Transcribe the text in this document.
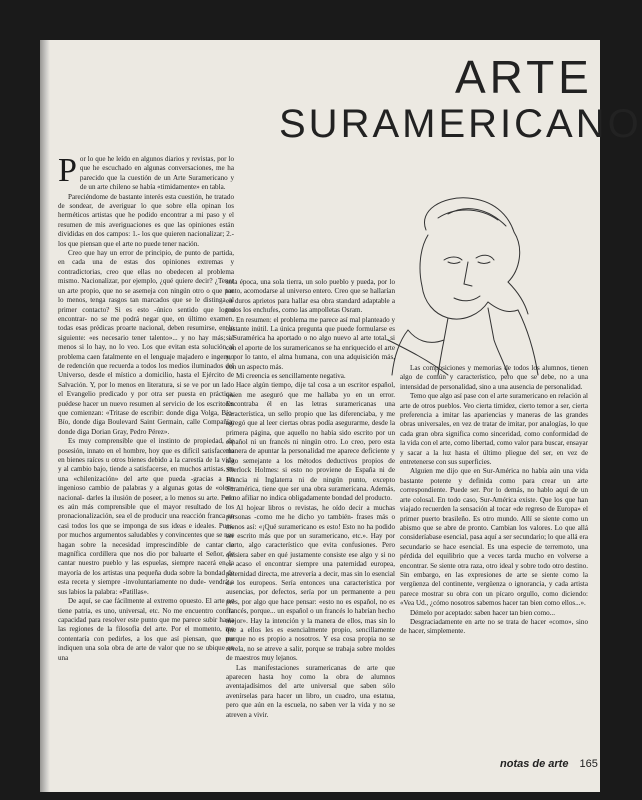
ARTE
SURAMERICANO

Por lo que he leído en algunos diarios y revistas, por lo que he escuchado en algunas conversaciones, me ha parecido que la cuestión de un Arte Suramericano y de un arte chileno se había «timidamente» en tabla.

Pareciéndome de bastante interés esta cuestión, he tratado de sondear, de averiguar lo que sobre ella opinan los herméticos artistas que he podido encontrar a mi paso y el resumen de mis averiguaciones es que las opiniones están divididas en dos campos: 1.- los que quieren nacionalizar; 2.- los que piensan que el arte no puede tener nación.

Creo que hay un error de principio, de punto de partida, en cada una de estas dos opiniones extremas y contradictorias, creo que ellas no obedecen al problema mismo. Nacionalizar, por ejemplo, ¿qué quiere decir? ¿Tener un arte propio, que no se asemeja con ningún otro o que por lo menos, tenga rasgos tan marcados que se le distinga al primer contacto? Si es esto -único sentido que logro encontrar- no se me podrá negar que, en último examen, todas esas prédicas proarte nacional, deben resumirse, en lo siguiente: «es necesario tener talento»... y no hay más; al menos si lo hay, no lo veo. Los que evitan esta solución al problema caen fatalmente en el lenguaje majadero e ingenuo de redención que recuerda a todos los medios iluminados del Universo, desde el místico a domicilio, hasta el Ejército de Salvación. Y, por lo menos en literatura, si se ve por un lado el Evangelio predicado y por otra ser puesta en práctica, puédese hacer un nuevo resumen al servicio de los escritores que comienzan: «Tritase de escribir: donde diga Volga, Bío-Bío, donde diga Boulevard Saint Germain, calle Compañía; donde diga Dorian Gray, Pedro Pérez».

Es muy comprensible que el instinto de propiedad, de posesión, innato en el hombre, hoy que es difícil satisfacerlo en bienes raíces u otros bienes debido a la carestía de la vida y al cambio bajo, tiende a satisfacerse, en muchos artistas, en una «chilenización» del arte que pueda -gracias a un ingenioso cambio de palabras y a algunas gotas de «olor» nacional- darles la ilusión de poseer, a lo menos su arte. Pero es aún más comprensible que el mayor resultado de los pronacionalización, sea el de producir una reacción franca en casi todos los que se imponga de sus ideas e ideales. Pues, por muchos argumentos saludables y convincentes que se nos hagan sobre la necesidad imprescindible de cantar la magnífica cordillera que nos dio por baluarte el Señor, de cantar nuestro pueblo y las espuelas, siempre nacerá en la mayoría de los artistas una pequeña duda sobre la bondad de esta receta y siempre -involuntariamente no dude- vendrá a sus labios la palabra: «Patillas».

De aquí, se cae fácilmente al extremo opuesto. El arte no tiene patria, es uno, universal, etc. No me encuentro con la capacidad para resolver este punto que me parece subir hasta las regiones de la filosofía del arte. Por el momento, me contentaría con pedirles, a los que así piensan, que me indiquen una sola obra de arte de valor que no se ubique en una

sola época, una sola tierra, un solo pueblo y pueda, por lo tanto, acomodarse al universo entero. Creo que se hallarían en duros aprietos para hallar esa obra standard adaptable a todos los enchufes, como las ampolletas Osram.

En resumen: el problema me parece así mal planteado y bastante inútil. La única pregunta que puede formularse es si Suramérica ha aportado o no algo nuevo al arte total, si con el aporte de los suramericanos se ha enriquecido el arte y, por lo tanto, el alma humana, con una adquisición más, con un aspecto más.

Mi creencia es sencillamente negativa.

Hace algún tiempo, dije tal cosa a un escritor español, quien me aseguró que me hallaba yo en un error. Encontraba él en las letras suramericanas una característica, un sello propio que las diferenciaba, y me agregó que al leer ciertas obras podía asegurarme, desde la primera página, que aquello no había sido escrito por un español ni un francés ni ningún otro. Lo creo, pero esta manera de apuntar la personalidad me aparece deficiente y algo semejante a los métodos deductivos propios de Sherlock Holmes: si esto no proviene de España ni de Francia ni Inglaterra ni de ningún punto, excepto Suramérica, tiene que ser una obra suramericana. Además, el no afiliar no indica obligadamente bondad del producto.

Al hojear libros o revistas, he oído decir a muchas personas -como me he dicho yo también- frases más o menos así: «¡Qué suramericano es esto! Esto no ha podido ser escrito más que por un suramericano, etc.». Hay por cierto, algo característico que evita confusiones. Pero quisiera saber en qué justamente consiste ese algo y si no es acaso el encontrar siempre una paternidad europea, paternidad directa, me atrevería a decir, mas sin lo esencial de los europeos. Sería entonces una característica por ausencias, por defectos, sería por un permanente a peu près, por algo que hace pensar: «esto no es español, no es francés, porque... un español o un francés lo habrían hecho mejor». Hay la intención y la manera de ellos, mas sin lo que a ellos les es esencialmente propio, sencillamente porque no es propio a nosotros. Y esa cosa propia no se revela, no se atreve a salir, porque se trabaja sobre moldes de maestros muy lejanos.

Las manifestaciones suramericanas de arte que aparecen hasta hoy como la obra de alumnos aventajadísimos del arte universal que saben sólo avenírselas para hacer un libro, un cuadro, una estatua, pero que aún en la escuela, no saben ver la vida y no se atreven a vivir.

Las composiciones y memorias de todos los alumnos, tienen algo de común y característico, pero que se debe, no a una intensidad de personalidad, sino a una ausencia de personalidad.

Temo que algo así pase con el arte suramericano en relación al arte de otros pueblos. Veo cierta timidez, cierto temor a ser, cierta preferencia a imitar las apariencias y maneras de las grandes obras universales, en vez de tratar de imitar, por analogías, lo que cada gran obra significa como sinceridad, como conformidad de la vida con el arte, como libertad, como valor para buscar, ensayar y sacar a la luz hasta el último pliegue del ser, en vez de entretenerse con sus superficies.

Alguien me dijo que en Sur-América no había aún una vida bastante potente y definida como para crear un arte correspondiente. Puede ser. Por lo demás, no hablo aquí de un arte colosal. En todo caso, Sur-América existe. Que los que han viajado recuerden la sensación al tocar «de regreso de Europa» el primer puerto brasileño. Es otro mundo. Allí se siente como un abismo que se abre de pronto. Cambian los valores. Lo que allá consideríabase esencial, pasa aquí a ser secundario; lo que allá era secundario se hace esencial. Es una especie de terremoto, una pérdida del equilibrio que a veces tarda mucho en volverse a encontrar. Se siente otra raza, otro ideal y sobre todo otro destino. Sin embargo, en las expresiones de arte se siente como la vergüenza del continente, vergüenza o ignorancia, y cada artista parece mostrar su obra con un pícaro orgullo, como diciendo: «Vea Ud., ¿cómo nosotros sabemos hacer tan bien como ellos...».

Démelo por aceptado: saben hacer tan bien como...

Desgraciadamente en arte no se trata de hacer «como», sino de hacer, simplemente.

notas de arte 165
